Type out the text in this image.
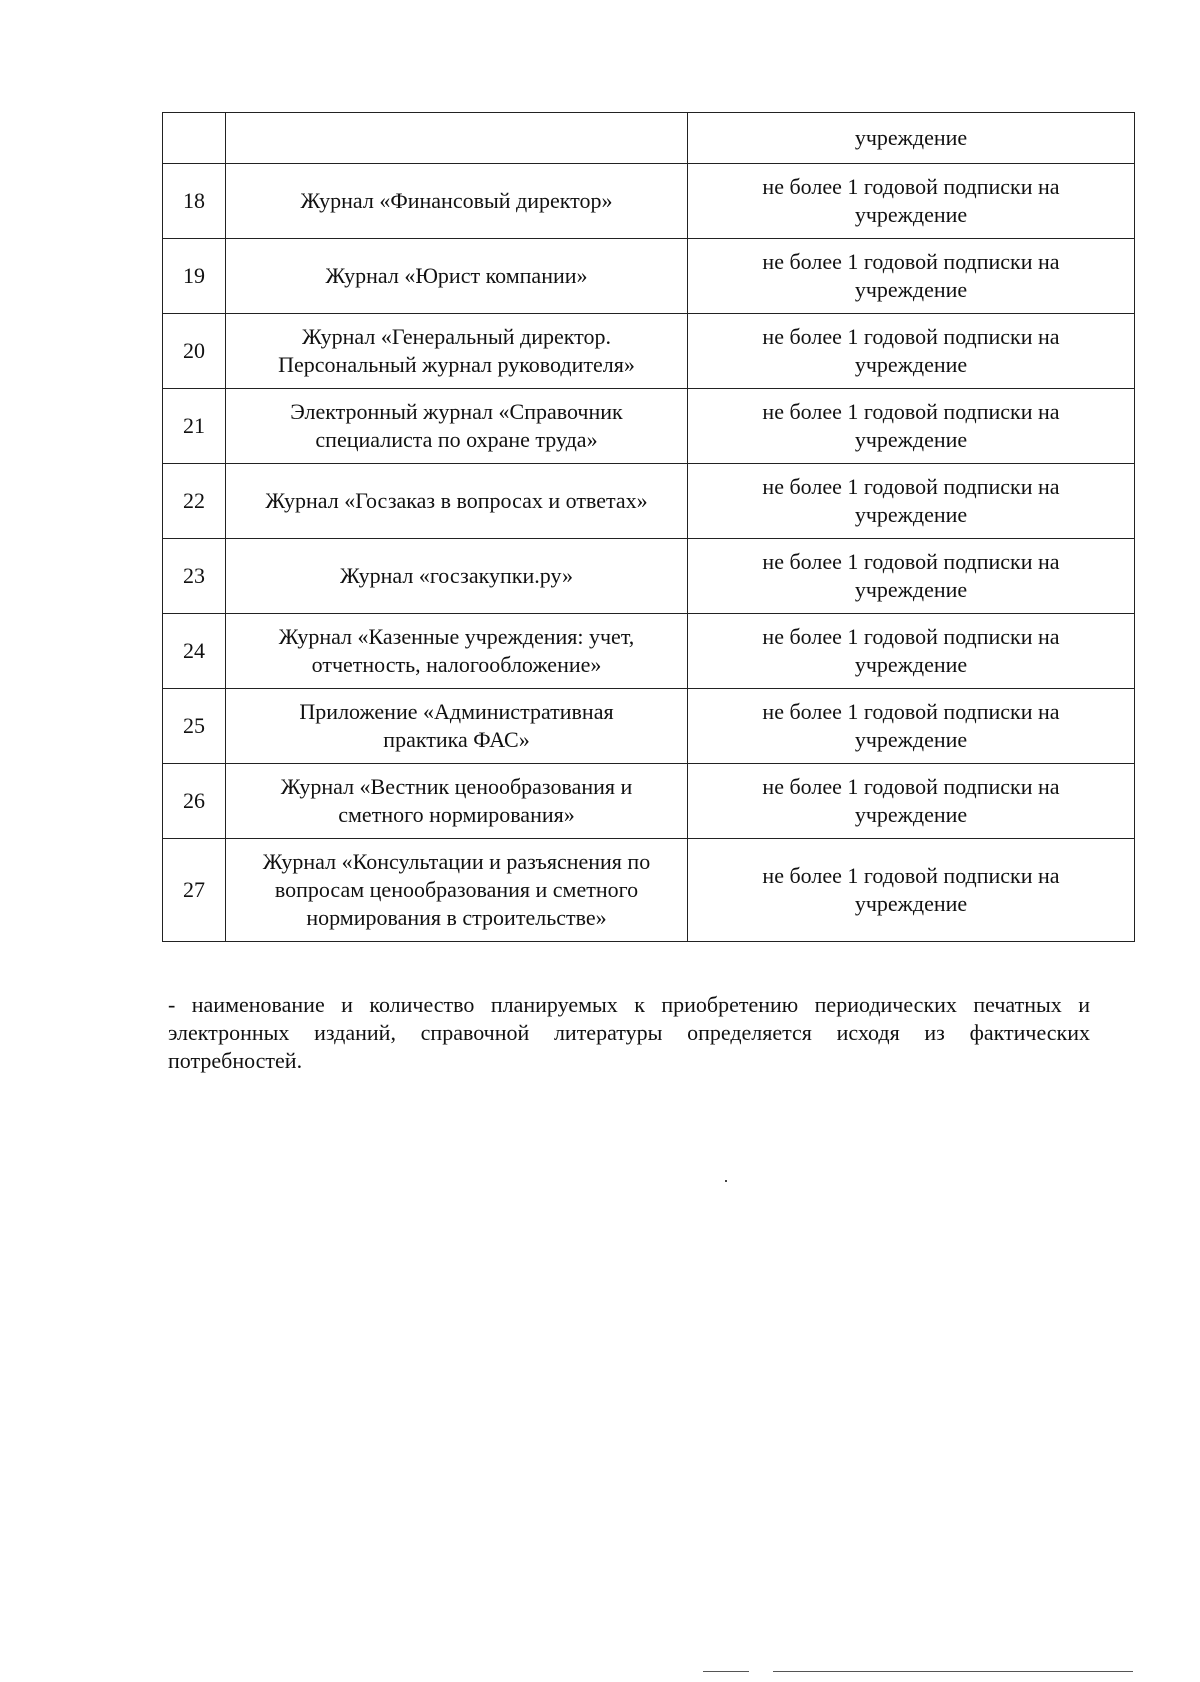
		учреждение

18	Журнал «Финансовый директор»	не более 1 годовой подписки на
учреждение

19	Журнал «Юрист компании»	не более 1 годовой подписки на
учреждение

20	Журнал «Генеральный директор.
Персональный журнал руководителя»	не более 1 годовой подписки на
учреждение

21	Электронный журнал «Справочник
специалиста по охране труда»	не более 1 годовой подписки на
учреждение

22	Журнал «Госзаказ в вопросах и ответах»	не более 1 годовой подписки на
учреждение

23	Журнал «госзакупки.ру»	не более 1 годовой подписки на
учреждение

24	Журнал «Казенные учреждения: учет,
отчетность, налогообложение»	не более 1 годовой подписки на
учреждение

25	Приложение «Административная
практика ФАС»	не более 1 годовой подписки на
учреждение

26	Журнал «Вестник ценообразования и
сметного нормирования»	не более 1 годовой подписки на
учреждение

27	Журнал «Консультации и разъяснения по
вопросам ценообразования и сметного
нормирования в строительстве»	не более 1 годовой подписки на
учреждение

- наименование и количество планируемых к приобретению периодических печатных и электронных изданий, справочной литературы определяется исходя из фактических потребностей.
